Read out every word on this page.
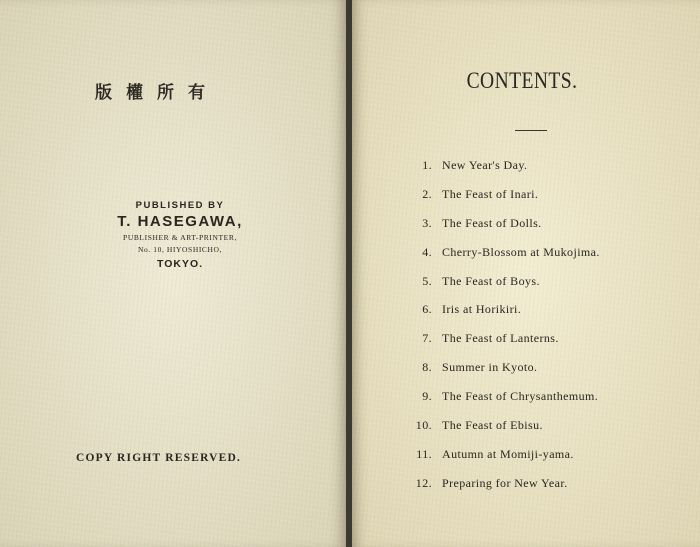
版權所有
PUBLISHED BY
T. HASEGAWA,
PUBLISHER & ART-PRINTER,
No. 10, HIYOSHICHO,
TOKYO.
COPY RIGHT RESERVED.
CONTENTS.
1. New Year's Day.
2. The Feast of Inari.
3. The Feast of Dolls.
4. Cherry-Blossom at Mukojima.
5. The Feast of Boys.
6. Iris at Horikiri.
7. The Feast of Lanterns.
8. Summer in Kyoto.
9. The Feast of Chrysanthemum.
10. The Feast of Ebisu.
11. Autumn at Momiji-yama.
12. Preparing for New Year.
